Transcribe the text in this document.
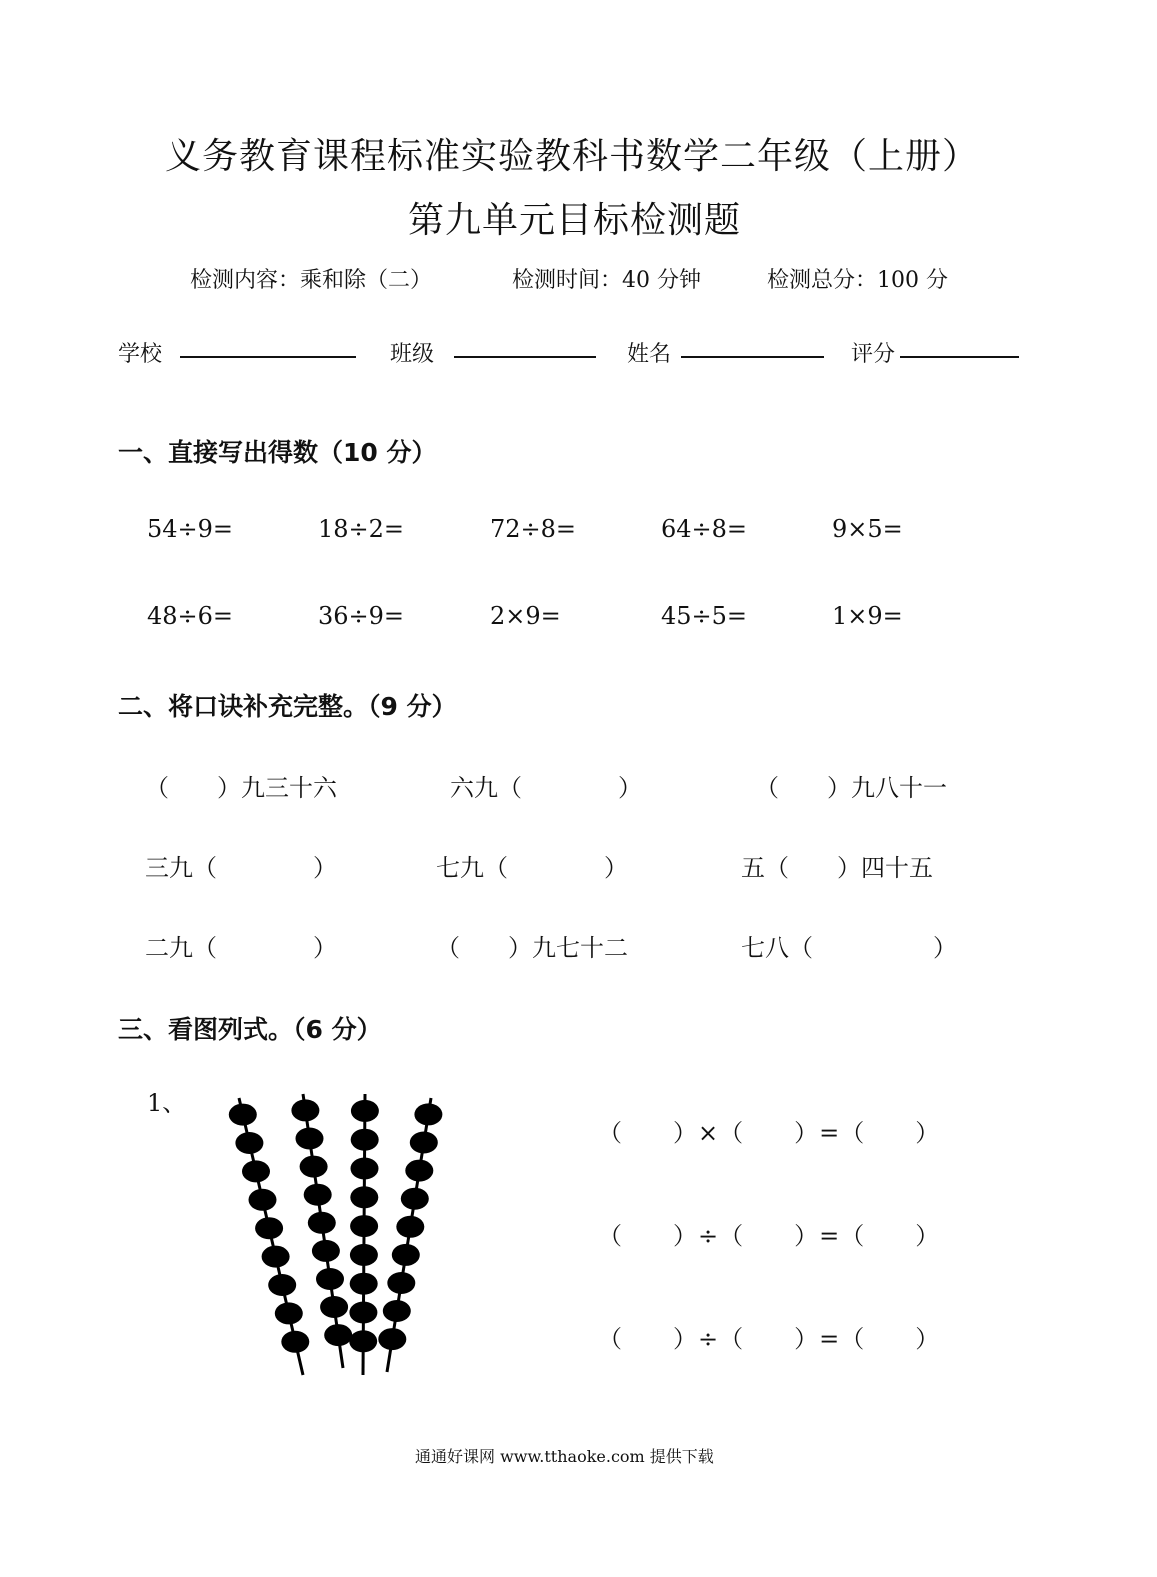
义务教育课程标准实验教科书数学二年级（上册）
第九单元目标检测题
检测内容：乘和除（二）	检测时间：40 分钟	检测总分：100 分
学校	班级	姓名	评分
一、直接写出得数（10 分）
54÷9=	18÷2=	72÷8=	64÷8=	9×5=
48÷6=	36÷9=	2×9=	45÷5=	1×9=
二、将口诀补充完整。（9 分）
（　　）九三十六	六九（　　　　）	（　　）九八十一
三九（　　　　）	七九（　　　　）	五（　　）四十五
二九（　　　　）	（　　）九七十二	七八（　　　　　）
三、看图列式。（6 分）
1、
（　　）×（　　）=（　　）
（　　）÷（　　）=（　　）
（　　）÷（　　）=（　　）
通通好课网 www.tthaoke.com 提供下载
